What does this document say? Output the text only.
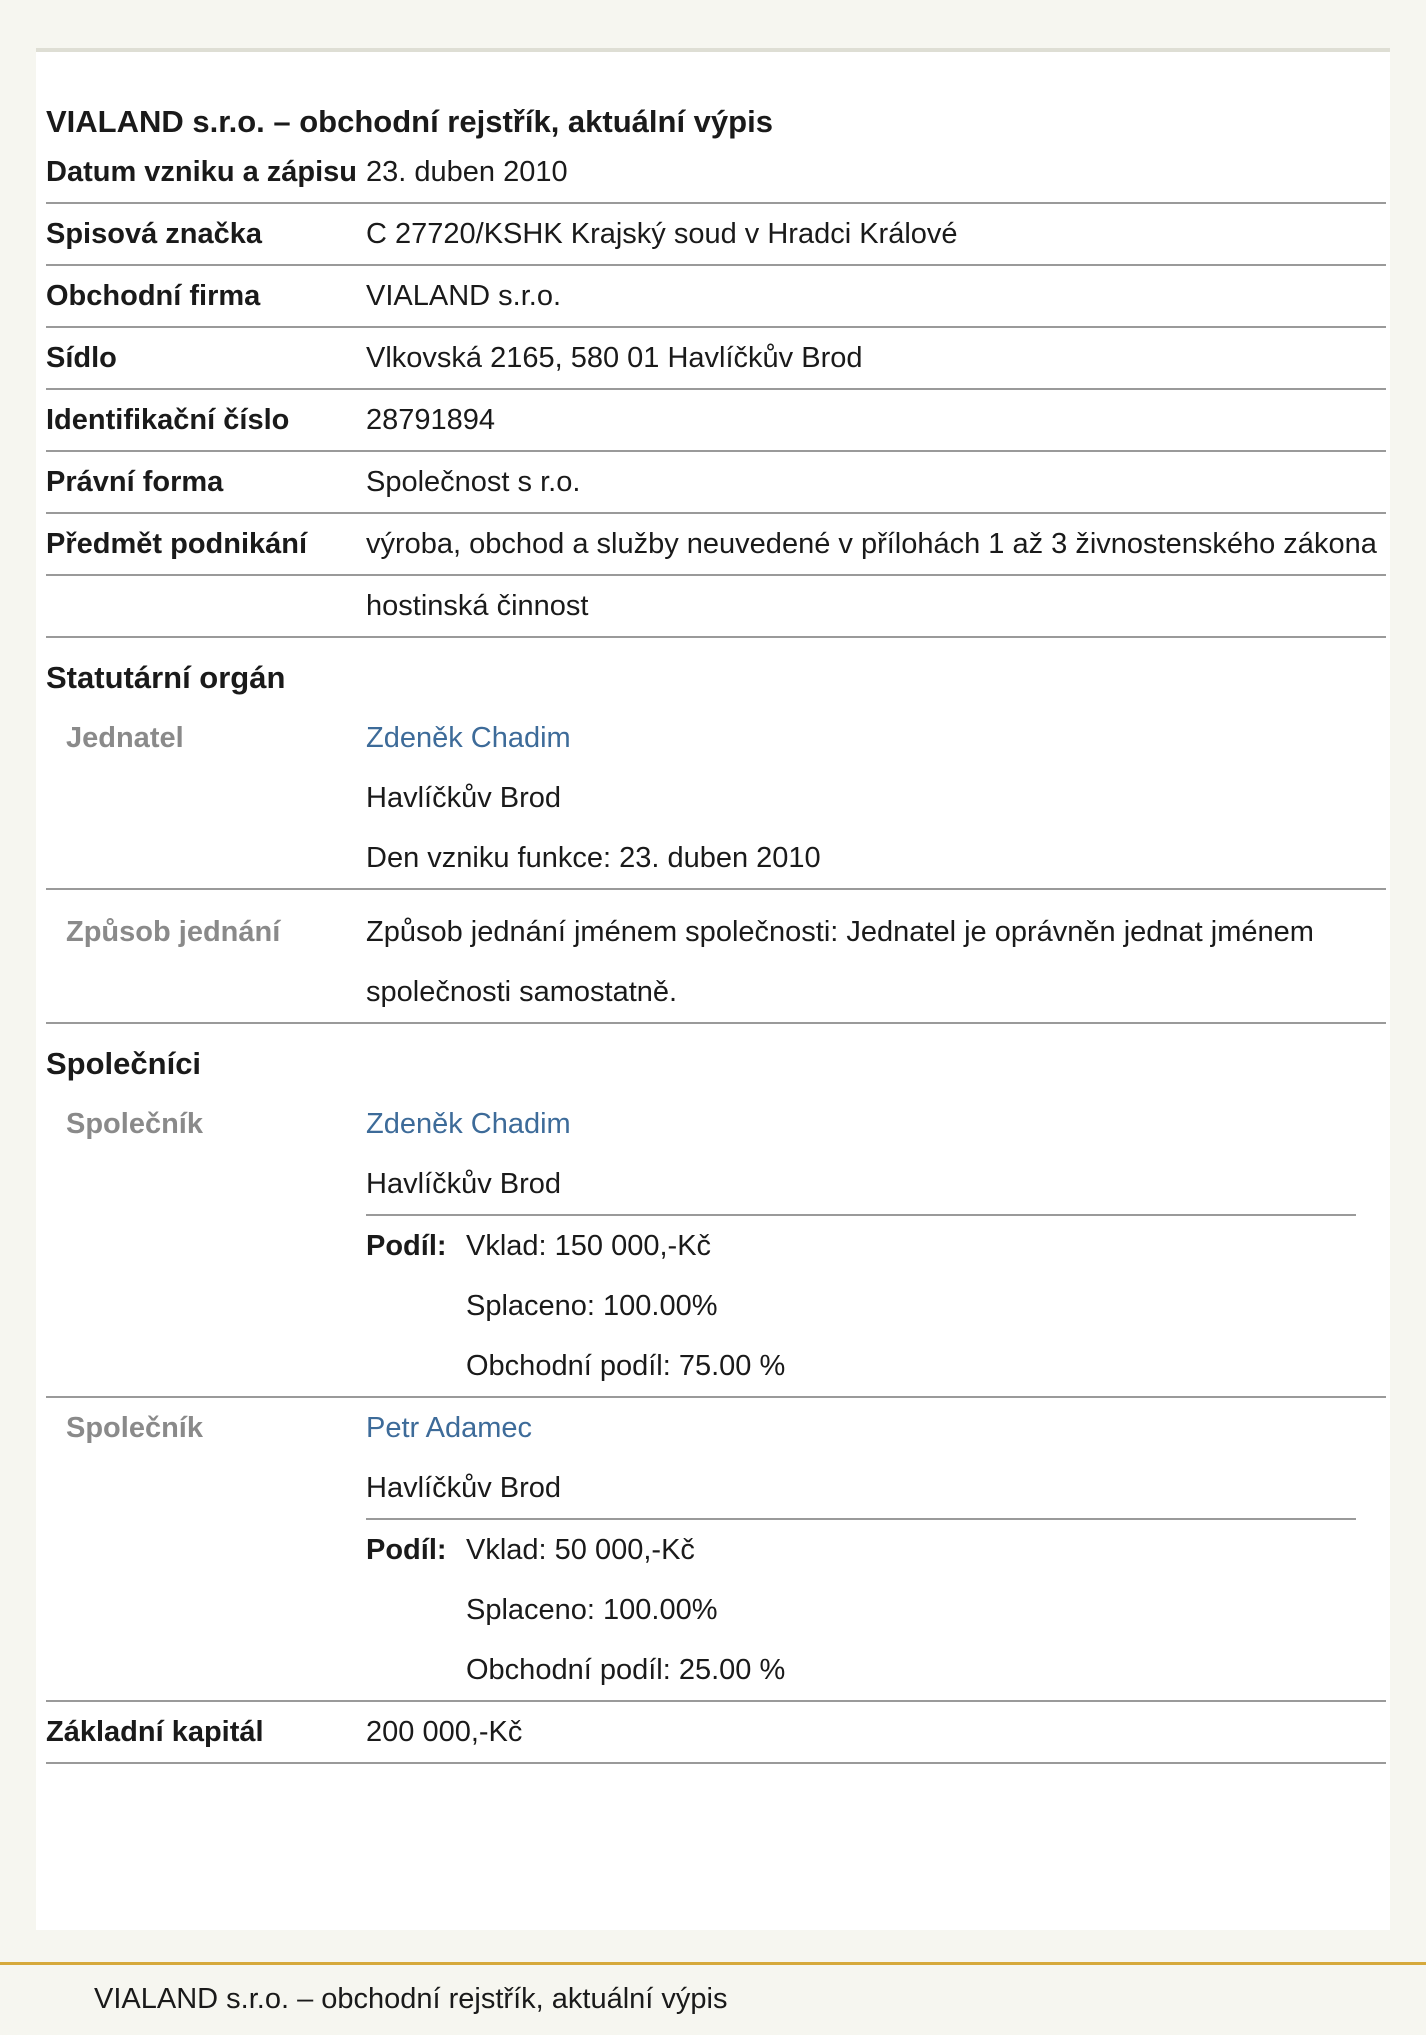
VIALAND s.r.o. – obchodní rejstřík, aktuální výpis
Datum vzniku a zápisu 23. duben 2010
Spisová značka	C 27720/KSHK Krajský soud v Hradci Králové
Obchodní firma	VIALAND s.r.o.
Sídlo	Vlkovská 2165, 580 01 Havlíčkův Brod
Identifikační číslo	28791894
Právní forma	Společnost s r.o.
Předmět podnikání	výroba, obchod a služby neuvedené v přílohách 1 až 3 živnostenského zákona
hostinská činnost
Statutární orgán
Jednatel	Zdeněk Chadim
Havlíčkův Brod
Den vzniku funkce: 23. duben 2010
Způsob jednání	Způsob jednání jménem společnosti: Jednatel je oprávněn jednat jménem společnosti samostatně.
Společníci
Společník	Zdeněk Chadim
Havlíčkův Brod
Podíl: Vklad: 150 000,-Kč
Splaceno: 100.00%
Obchodní podíl: 75.00 %
Společník	Petr Adamec
Havlíčkův Brod
Podíl: Vklad: 50 000,-Kč
Splaceno: 100.00%
Obchodní podíl: 25.00 %
Základní kapitál	200 000,-Kč
VIALAND s.r.o. – obchodní rejstřík, aktuální výpis
